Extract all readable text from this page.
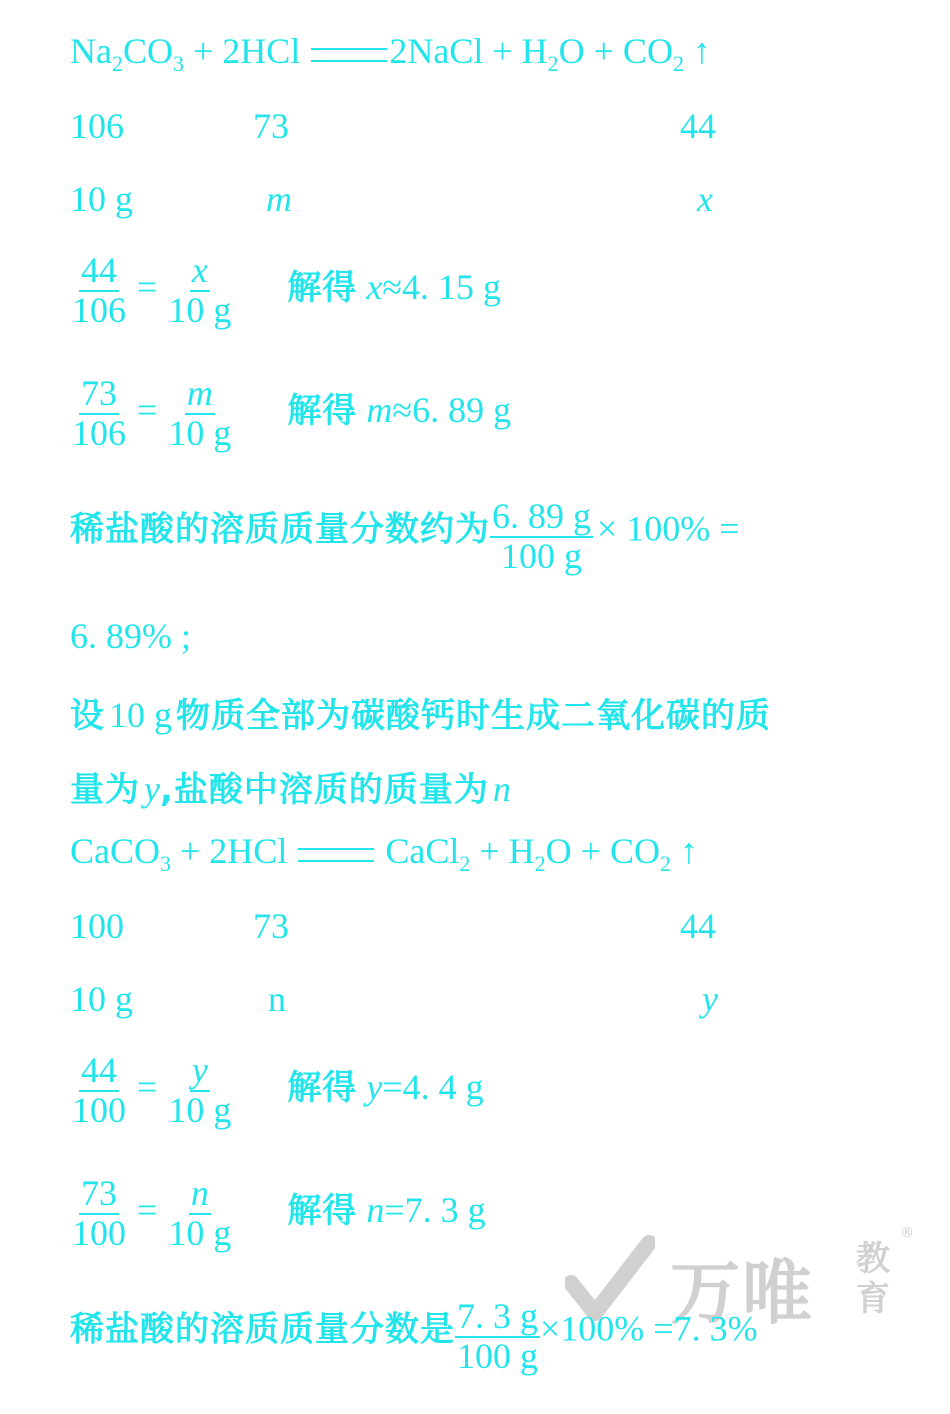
$Na_2CO_3 + 2HCl$ 2NaCl + $H_2O + CO_2$ ↑
106	73	44
10 g	m	x
$\frac{44}{106} = \frac{x}{10 g}$ 解得 x≈4. 15 g
$\frac{73}{106} = \frac{m}{10 g}$ 解得 m≈6. 89 g
稀盐酸的溶质质量分数约为 $\frac{6. 89 g}{100 g} \times 100\%$ =
6. 89% ;
设 10 g 物质全部为碳酸钙时生成二氧化碳的质
量为 y,盐酸中溶质的质量为 n
CaCO$_3$ + 2HCl	CaCl$_2$ + $H_2O + CO_2$ ↑
100	73	44
10 g	n	y
$\frac{44}{100} = \frac{y}{10 g}$ 解得 y=4. 4 g
$\frac{73}{100} = \frac{n}{10 g}$ 解得 n=7. 3 g
万唯 教
育
®
稀盐酸的溶质质量分数是 $\frac{7. 3 g}{100 g} \times 100\% =7$. 3%
